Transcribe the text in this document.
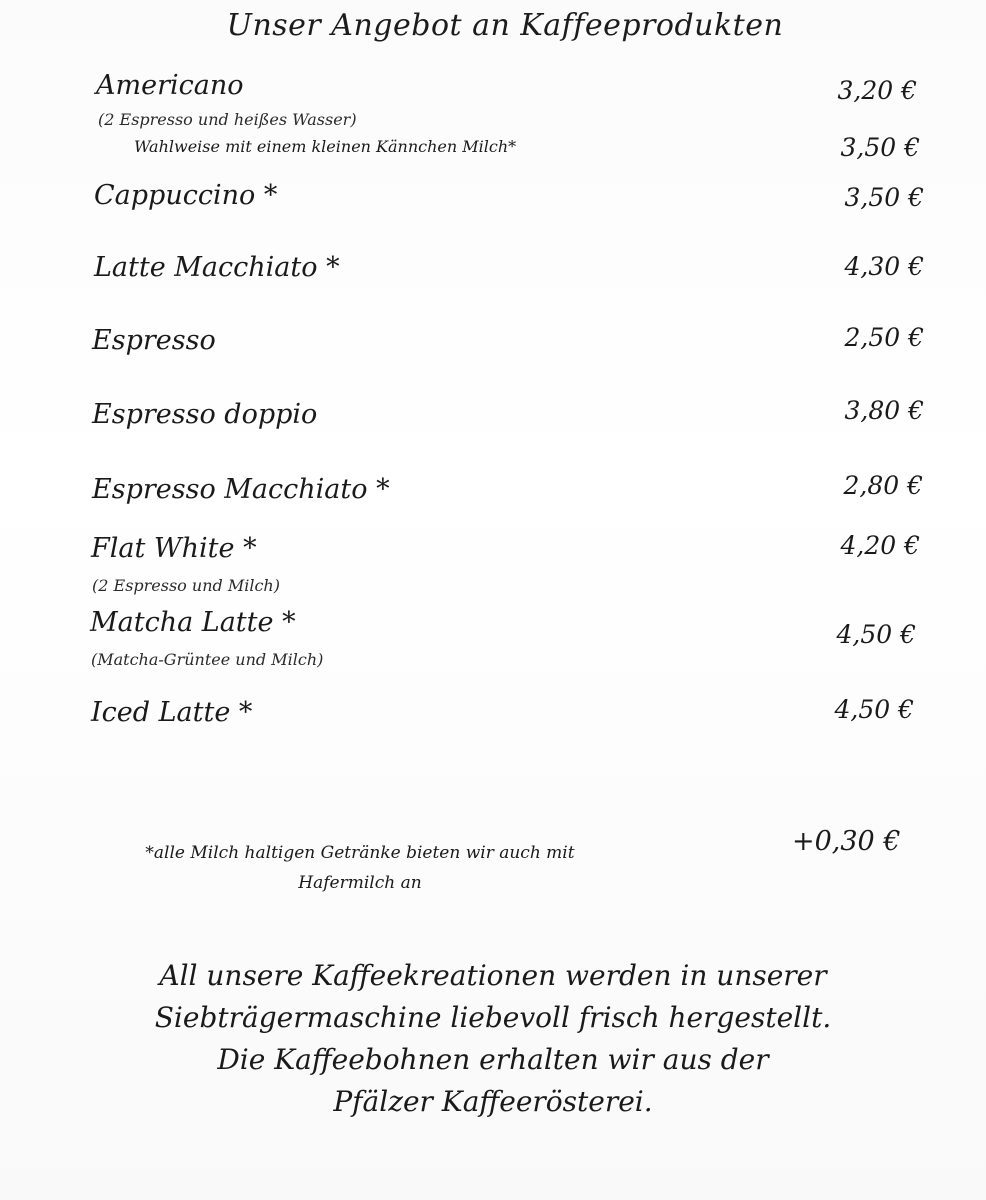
Unser Angebot an Kaffeeprodukten
Americano	3,20 €
(2 Espresso und heißes Wasser)
Wahlweise mit einem kleinen Kännchen Milch*	3,50 €
Cappuccino *	3,50 €
Latte Macchiato *	4,30 €
Espresso	2,50 €
Espresso doppio	3,80 €
Espresso Macchiato *	2,80 €
Flat White *	4,20 €
(2 Espresso und Milch)
Matcha Latte *	4,50 €
(Matcha-Grüntee und Milch)
Iced Latte *	4,50 €
*alle Milch haltigen Getränke bieten wir auch mit
Hafermilch an
+0,30 €
All unsere Kaffeekreationen werden in unserer
Siebträgermaschine liebevoll frisch hergestellt.
Die Kaffeebohnen erhalten wir aus der
Pfälzer Kaffeerösterei.
